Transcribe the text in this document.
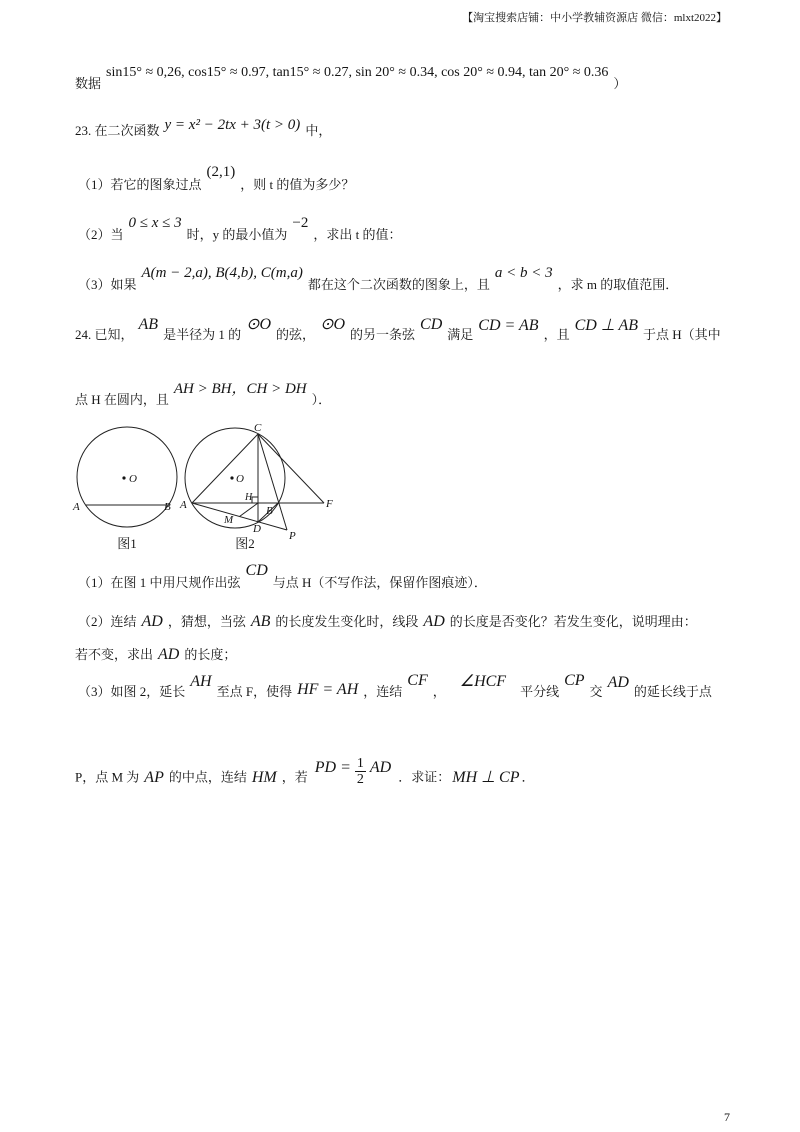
【淘宝搜索店铺：中小学教辅资源店 微信：mlxt2022】
数据sin15° ≈ 0,26, cos15° ≈ 0.97, tan15° ≈ 0.27, sin 20° ≈ 0.34, cos 20° ≈ 0.94, tan 20° ≈ 0.36）
23. 在二次函数 y = x² − 2tx + 3(t > 0) 中，
（1）若它的图象过点(2,1)，则 t 的值为多少？
（2）当0 ≤ x ≤ 3时，y 的最小值为−2，求出 t 的值：
（3）如果A(m − 2,a), B(4,b), C(m,a)都在这个二次函数的图象上，且a < b < 3，求 m 的取值范围．
24. 已知，AB是半径为 1 的⊙O的弦，⊙O的另一条弦CD满足CD = AB，且CD ⊥ AB于点 H（其中
点 H 在圆内，且AH > BH，CH > DH）．
O
A	B
图1
C
O
H
A	B
M
D
P
F
图2
（1）在图 1 中用尺规作出弦CD与点 H（不写作法，保留作图痕迹）．
（2）连结 AD ，猜想，当弦 AB 的长度发生变化时，线段 AD 的长度是否变化？若发生变化，说明理由：
若不变，求出 AD 的长度；
（3）如图 2，延长AH至点 F，使得 HF = AH ，连结CF，∠HCF平分线CP交AD的延长线于点
P，点 M 为 AP 的中点，连结 HM ，若$^{PD = \frac{1}{2} AD}$．求证： MH ⊥ CP ．
7
